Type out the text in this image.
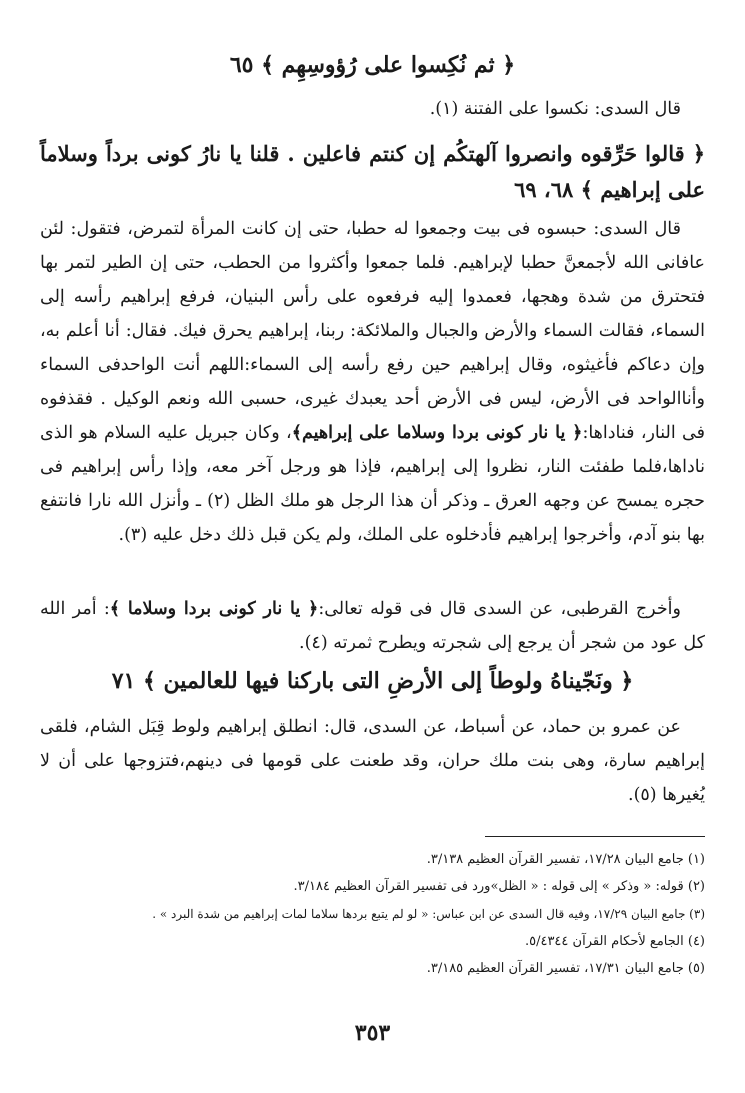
﴿ ثم نُكِسوا على رُؤوسِهِم ﴾ ٦٥
قال السدى: نكسوا على الفتنة (١).
﴿ قالوا حَرِّقوه وانصروا آلهتكُم إن كنتم فاعلين . قلنا يا نارُ كونى برداً وسلاماً على إبراهيم ﴾ ٦٨، ٦٩
قال السدى: حبسوه فى بيت وجمعوا له حطبا، حتى إن كانت المرأة لتمرض، فتقول: لئن عافانى الله لأجمعنَّ حطبا لإبراهيم. فلما جمعوا وأكثروا من الحطب، حتى إن الطير لتمر بها فتحترق من شدة وهجها، فعمدوا إليه فرفعوه على رأس البنيان، فرفع إبراهيم رأسه إلى السماء، فقالت السماء والأرض والجبال والملائكة: ربنا، إبراهيم يحرق فيك. فقال: أنا أعلم به، وإن دعاكم فأغيثوه، وقال إبراهيم حين رفع رأسه إلى السماء:اللهم أنت الواحدفى السماء وأناالواحد فى الأرض، ليس فى الأرض أحد يعبدك غيرى، حسبى الله ونعم الوكيل . فقذفوه فى النار، فناداها:﴿ يا نار كونى بردا وسلاما على إبراهيم﴾، وكان جبريل عليه السلام هو الذى ناداها،فلما طفئت النار، نظروا إلى إبراهيم، فإذا هو ورجل آخر معه، وإذا رأس إبراهيم فى حجره يمسح عن وجهه العرق ـ وذكر أن هذا الرجل هو ملك الظل (٢) ـ وأنزل الله نارا فانتفع بها بنو آدم، وأخرجوا إبراهيم فأدخلوه على الملك، ولم يكن قبل ذلك دخل عليه (٣).
وأخرج القرطبى، عن السدى قال فى قوله تعالى:﴿ يا نار كونى بردا وسلاما ﴾: أمر الله كل عود من شجر أن يرجع إلى شجرته ويطرح ثمرته (٤).
﴿ ونَجّيناهُ ولوطاً إلى الأرضِ التى باركنا فيها للعالمين ﴾ ٧١
عن عمرو بن حماد، عن أسباط، عن السدى، قال: انطلق إبراهيم ولوط قِبَل الشام، فلقى إبراهيم سارة، وهى بنت ملك حران، وقد طعنت على قومها فى دينهم،فتزوجها على أن لا يُغيرها (٥).
(١) جامع البيان ١٧/٢٨، تفسير القرآن العظيم ٣/١٣٨.
(٢) قوله: « وذكر » إلى قوله : « الظل»ورد فى تفسير القرآن العظيم ٣/١٨٤.
(٣) جامع البيان ١٧/٢٩، وفيه قال السدى عن ابن عباس: « لو لم يتبع بردها سلاما لمات إبراهيم من شدة البرد » .
(٤) الجامع لأحكام القرآن ٥/٤٣٤٤.
(٥) جامع البيان ١٧/٣١، تفسير القرآن العظيم ٣/١٨٥.
٣٥٣
